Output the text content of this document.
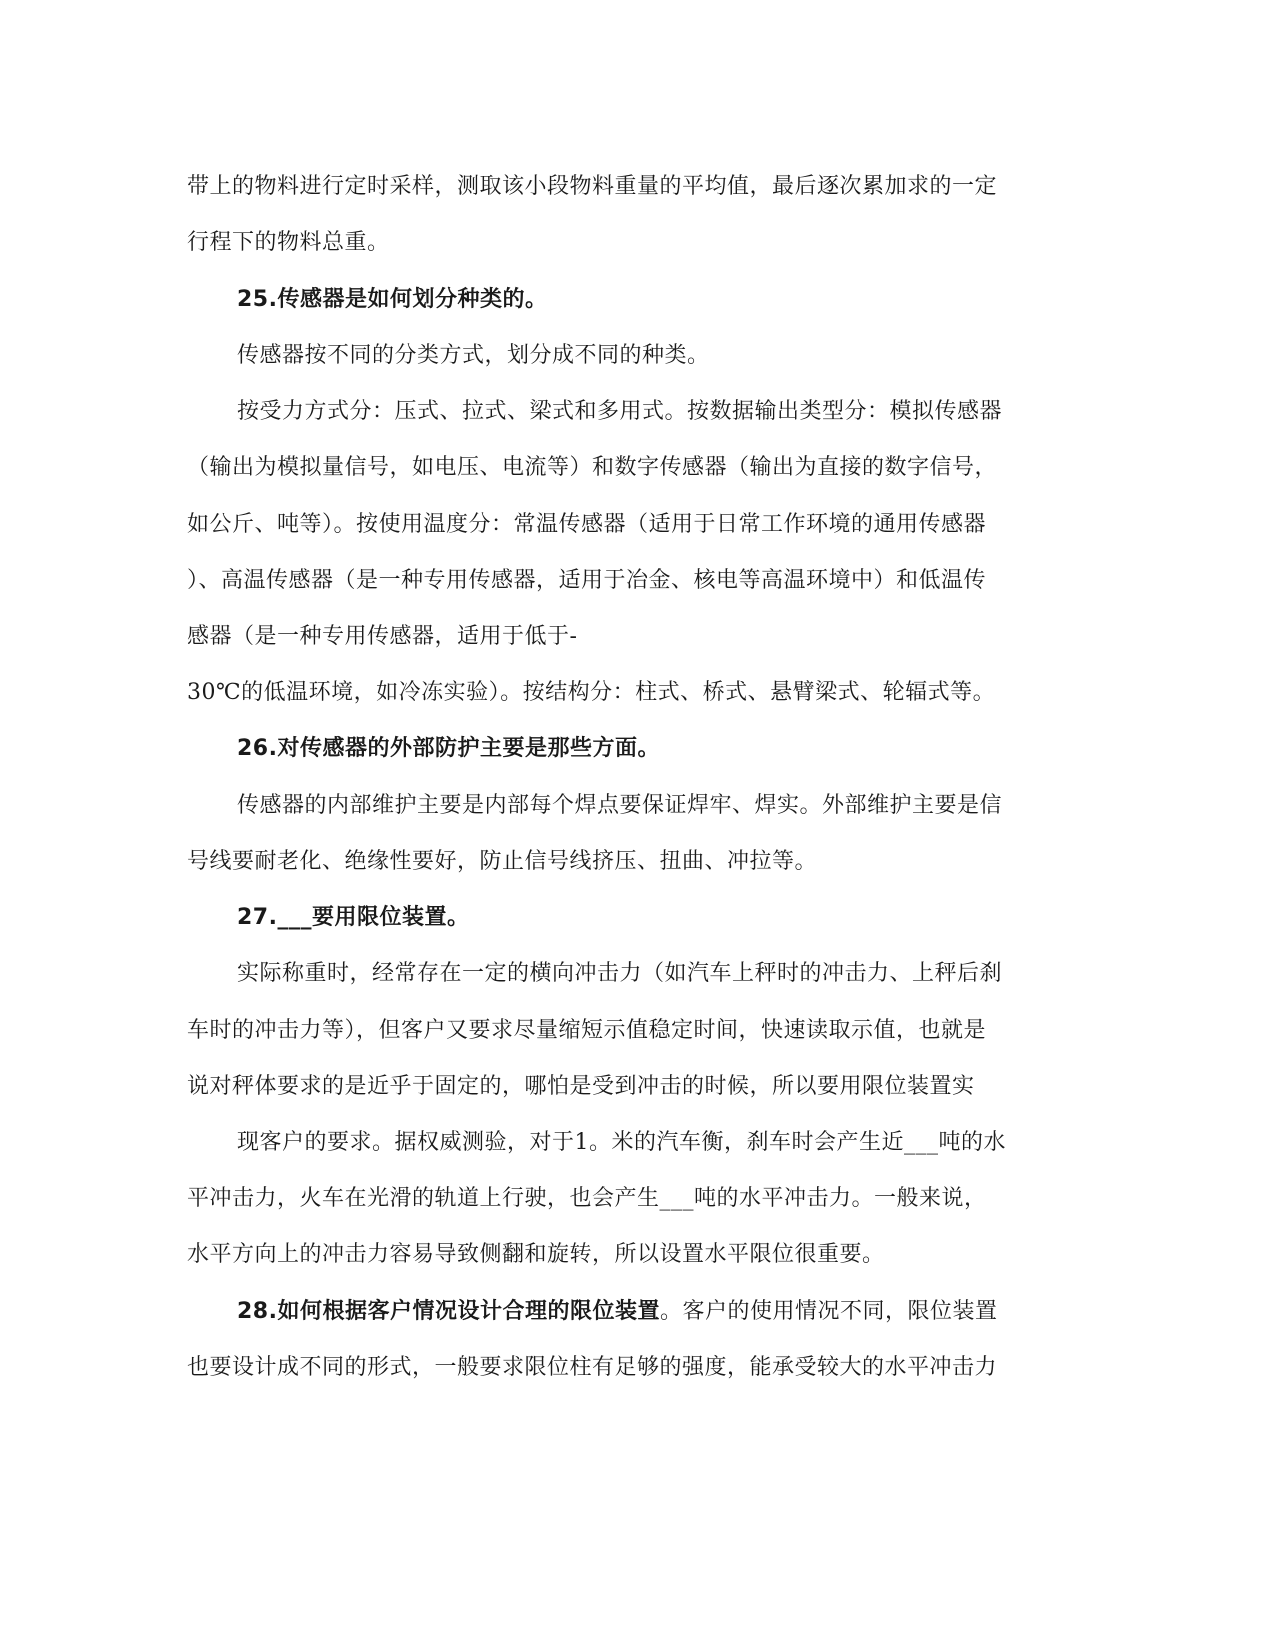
带上的物料进行定时采样，测取该小段物料重量的平均值，最后逐次累加求的一定
行程下的物料总重。
25.传感器是如何划分种类的。
传感器按不同的分类方式，划分成不同的种类。
按受力方式分：压式、拉式、梁式和多用式。按数据输出类型分：模拟传感器
（输出为模拟量信号，如电压、电流等）和数字传感器（输出为直接的数字信号，
如公斤、吨等）。按使用温度分：常温传感器（适用于日常工作环境的通用传感器
）、高温传感器（是一种专用传感器，适用于冶金、核电等高温环境中）和低温传
感器（是一种专用传感器，适用于低于-
30℃的低温环境，如冷冻实验）。按结构分：柱式、桥式、悬臂梁式、轮辐式等。
26.对传感器的外部防护主要是那些方面。
传感器的内部维护主要是内部每个焊点要保证焊牢、焊实。外部维护主要是信
号线要耐老化、绝缘性要好，防止信号线挤压、扭曲、冲拉等。
27.___要用限位装置。
实际称重时，经常存在一定的横向冲击力（如汽车上秤时的冲击力、上秤后刹
车时的冲击力等），但客户又要求尽量缩短示值稳定时间，快速读取示值，也就是
说对秤体要求的是近乎于固定的，哪怕是受到冲击的时候，所以要用限位装置实
现客户的要求。据权威测验，对于1。米的汽车衡，刹车时会产生近___吨的水
平冲击力，火车在光滑的轨道上行驶，也会产生___吨的水平冲击力。一般来说，
水平方向上的冲击力容易导致侧翻和旋转，所以设置水平限位很重要。
28.如何根据客户情况设计合理的限位装置。客户的使用情况不同，限位装置
也要设计成不同的形式，一般要求限位柱有足够的强度，能承受较大的水平冲击力
